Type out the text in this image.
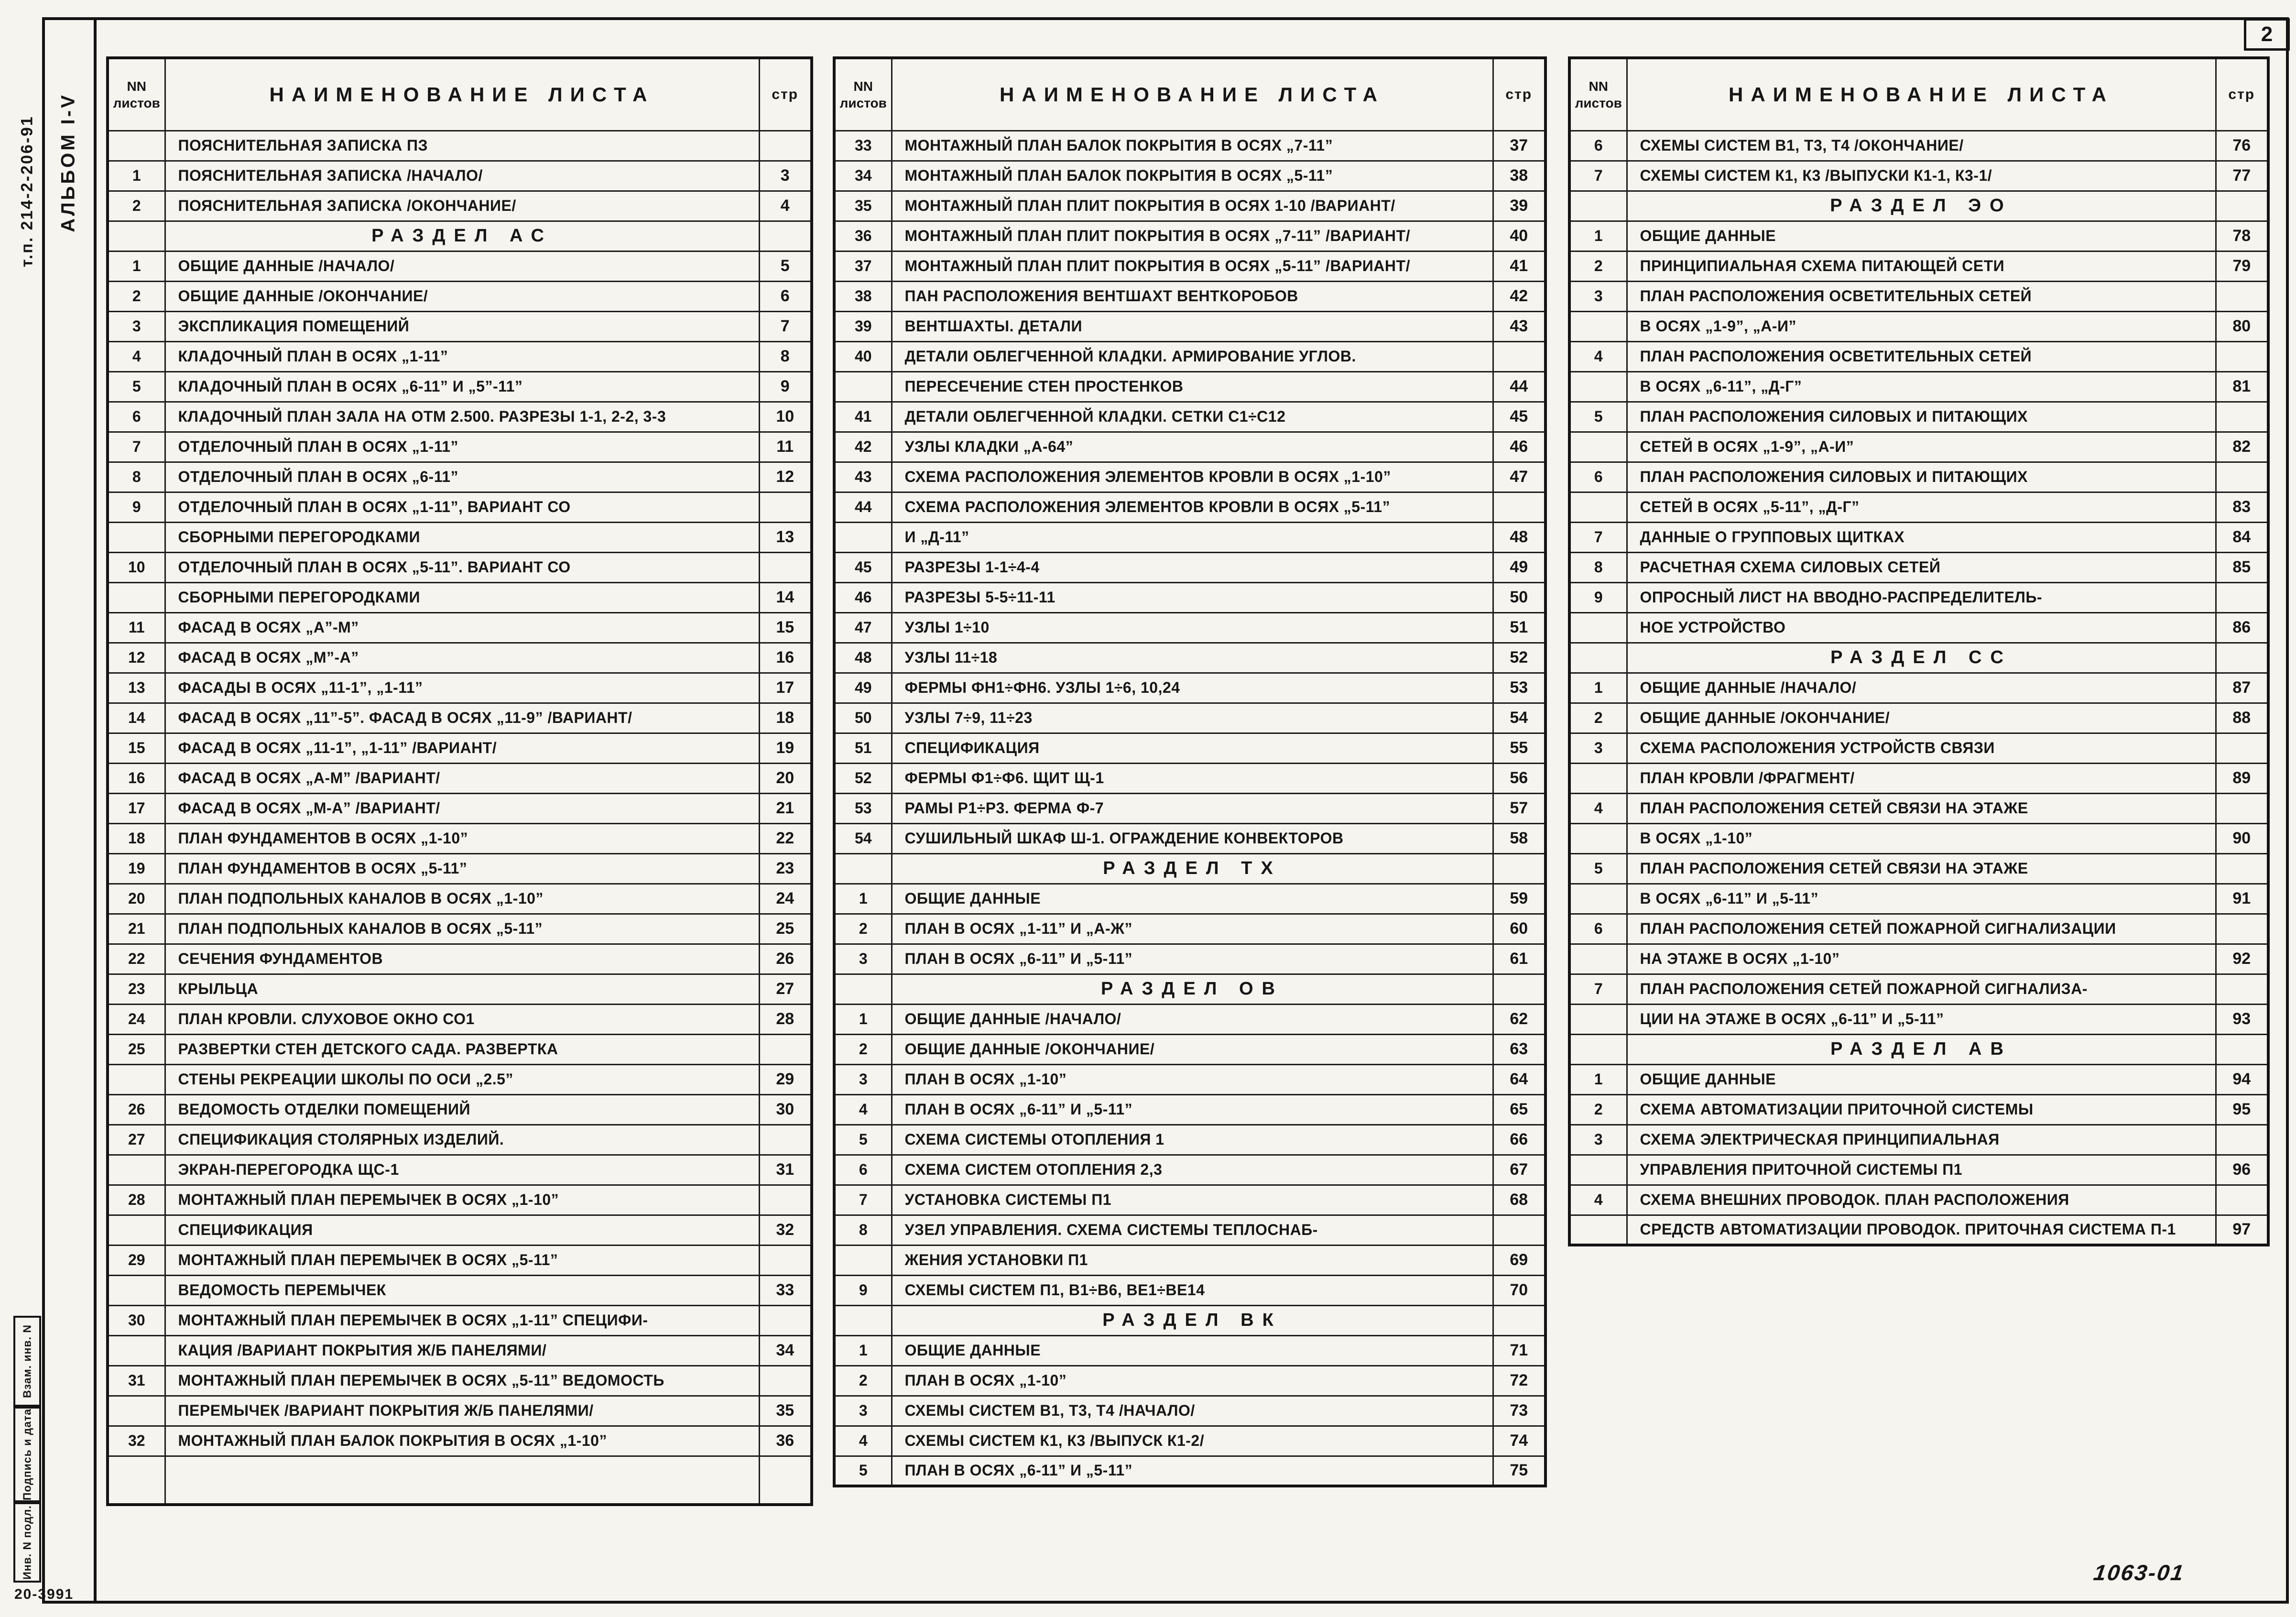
2
АЛЬБОМ I-V
т.п. 214-2-206-91
Взам. инв. N
Подпись и дата
Инв. N подл.
20-3991
1063-01
NN листов	НАИМЕНОВАНИЕ ЛИСТА	стр
	ПОЯСНИТЕЛЬНАЯ ЗАПИСКА ПЗ	
1	ПОЯСНИТЕЛЬНАЯ ЗАПИСКА /НАЧАЛО/	3
2	ПОЯСНИТЕЛЬНАЯ ЗАПИСКА /ОКОНЧАНИЕ/	4
	РАЗДЕЛ АС	
1	ОБЩИЕ ДАННЫЕ /НАЧАЛО/	5
2	ОБЩИЕ ДАННЫЕ /ОКОНЧАНИЕ/	6
3	ЭКСПЛИКАЦИЯ ПОМЕЩЕНИЙ	7
4	КЛАДОЧНЫЙ ПЛАН В ОСЯХ „1-11”	8
5	КЛАДОЧНЫЙ ПЛАН В ОСЯХ „6-11” И „5”-11”	9
6	КЛАДОЧНЫЙ ПЛАН ЗАЛА НА ОТМ 2.500. РАЗРЕЗЫ 1-1, 2-2, 3-3	10
7	ОТДЕЛОЧНЫЙ ПЛАН В ОСЯХ „1-11”	11
8	ОТДЕЛОЧНЫЙ ПЛАН В ОСЯХ „6-11”	12
9	ОТДЕЛОЧНЫЙ ПЛАН В ОСЯХ „1-11”, ВАРИАНТ СО	
	СБОРНЫМИ ПЕРЕГОРОДКАМИ	13
10	ОТДЕЛОЧНЫЙ ПЛАН В ОСЯХ „5-11”. ВАРИАНТ СО	
	СБОРНЫМИ ПЕРЕГОРОДКАМИ	14
11	ФАСАД В ОСЯХ „А”-М”	15
12	ФАСАД В ОСЯХ „М”-А”	16
13	ФАСАДЫ В ОСЯХ „11-1”, „1-11”	17
14	ФАСАД В ОСЯХ „11”-5”. ФАСАД В ОСЯХ „11-9” /ВАРИАНТ/	18
15	ФАСАД В ОСЯХ „11-1”, „1-11” /ВАРИАНТ/	19
16	ФАСАД В ОСЯХ „А-М” /ВАРИАНТ/	20
17	ФАСАД В ОСЯХ „М-А” /ВАРИАНТ/	21
18	ПЛАН ФУНДАМЕНТОВ В ОСЯХ „1-10”	22
19	ПЛАН ФУНДАМЕНТОВ В ОСЯХ „5-11”	23
20	ПЛАН ПОДПОЛЬНЫХ КАНАЛОВ В ОСЯХ „1-10”	24
21	ПЛАН ПОДПОЛЬНЫХ КАНАЛОВ В ОСЯХ „5-11”	25
22	СЕЧЕНИЯ ФУНДАМЕНТОВ	26
23	КРЫЛЬЦА	27
24	ПЛАН КРОВЛИ. СЛУХОВОЕ ОКНО СО1	28
25	РАЗВЕРТКИ СТЕН ДЕТСКОГО САДА. РАЗВЕРТКА	
	СТЕНЫ РЕКРЕАЦИИ ШКОЛЫ ПО ОСИ „2.5”	29
26	ВЕДОМОСТЬ ОТДЕЛКИ ПОМЕЩЕНИЙ	30
27	СПЕЦИФИКАЦИЯ СТОЛЯРНЫХ ИЗДЕЛИЙ.	
	ЭКРАН-ПЕРЕГОРОДКА ЩС-1	31
28	МОНТАЖНЫЙ ПЛАН ПЕРЕМЫЧЕК В ОСЯХ „1-10”	
	СПЕЦИФИКАЦИЯ	32
29	МОНТАЖНЫЙ ПЛАН ПЕРЕМЫЧЕК В ОСЯХ „5-11”	
	ВЕДОМОСТЬ ПЕРЕМЫЧЕК	33
30	МОНТАЖНЫЙ ПЛАН ПЕРЕМЫЧЕК В ОСЯХ „1-11” СПЕЦИФИ-	
	КАЦИЯ /ВАРИАНТ ПОКРЫТИЯ Ж/Б ПАНЕЛЯМИ/	34
31	МОНТАЖНЫЙ ПЛАН ПЕРЕМЫЧЕК В ОСЯХ „5-11” ВЕДОМОСТЬ	
	ПЕРЕМЫЧЕК /ВАРИАНТ ПОКРЫТИЯ Ж/Б ПАНЕЛЯМИ/	35
32	МОНТАЖНЫЙ ПЛАН БАЛОК ПОКРЫТИЯ В ОСЯХ „1-10”	36

NN листов	НАИМЕНОВАНИЕ ЛИСТА	стр
33	МОНТАЖНЫЙ ПЛАН БАЛОК ПОКРЫТИЯ В ОСЯХ „7-11”	37
34	МОНТАЖНЫЙ ПЛАН БАЛОК ПОКРЫТИЯ В ОСЯХ „5-11”	38
35	МОНТАЖНЫЙ ПЛАН ПЛИТ ПОКРЫТИЯ В ОСЯХ 1-10 /ВАРИАНТ/	39
36	МОНТАЖНЫЙ ПЛАН ПЛИТ ПОКРЫТИЯ В ОСЯХ „7-11” /ВАРИАНТ/	40
37	МОНТАЖНЫЙ ПЛАН ПЛИТ ПОКРЫТИЯ В ОСЯХ „5-11” /ВАРИАНТ/	41
38	ПАН РАСПОЛОЖЕНИЯ ВЕНТШАХТ ВЕНТКОРОБОВ	42
39	ВЕНТШАХТЫ. ДЕТАЛИ	43
40	ДЕТАЛИ ОБЛЕГЧЕННОЙ КЛАДКИ. АРМИРОВАНИЕ УГЛОВ.	
	ПЕРЕСЕЧЕНИЕ СТЕН ПРОСТЕНКОВ	44
41	ДЕТАЛИ ОБЛЕГЧЕННОЙ КЛАДКИ. СЕТКИ С1÷С12	45
42	УЗЛЫ КЛАДКИ „А-64”	46
43	СХЕМА РАСПОЛОЖЕНИЯ ЭЛЕМЕНТОВ КРОВЛИ В ОСЯХ „1-10”	47
44	СХЕМА РАСПОЛОЖЕНИЯ ЭЛЕМЕНТОВ КРОВЛИ В ОСЯХ „5-11”	
	И „Д-11”	48
45	РАЗРЕЗЫ 1-1÷4-4	49
46	РАЗРЕЗЫ 5-5÷11-11	50
47	УЗЛЫ 1÷10	51
48	УЗЛЫ 11÷18	52
49	ФЕРМЫ ФН1÷ФН6. УЗЛЫ 1÷6, 10,24	53
50	УЗЛЫ 7÷9, 11÷23	54
51	СПЕЦИФИКАЦИЯ	55
52	ФЕРМЫ Ф1÷Ф6. ЩИТ Щ-1	56
53	РАМЫ Р1÷Р3. ФЕРМА Ф-7	57
54	СУШИЛЬНЫЙ ШКАФ Ш-1. ОГРАЖДЕНИЕ КОНВЕКТОРОВ	58
	РАЗДЕЛ ТХ	
1	ОБЩИЕ ДАННЫЕ	59
2	ПЛАН В ОСЯХ „1-11” И „А-Ж”	60
3	ПЛАН В ОСЯХ „6-11” И „5-11”	61
	РАЗДЕЛ ОВ	
1	ОБЩИЕ ДАННЫЕ /НАЧАЛО/	62
2	ОБЩИЕ ДАННЫЕ /ОКОНЧАНИЕ/	63
3	ПЛАН В ОСЯХ „1-10”	64
4	ПЛАН В ОСЯХ „6-11” И „5-11”	65
5	СХЕМА СИСТЕМЫ ОТОПЛЕНИЯ 1	66
6	СХЕМА СИСТЕМ ОТОПЛЕНИЯ 2,3	67
7	УСТАНОВКА СИСТЕМЫ П1	68
8	УЗЕЛ УПРАВЛЕНИЯ. СХЕМА СИСТЕМЫ ТЕПЛОСНАБ-	
	ЖЕНИЯ УСТАНОВКИ П1	69
9	СХЕМЫ СИСТЕМ П1, В1÷В6, ВЕ1÷ВЕ14	70
	РАЗДЕЛ ВК	
1	ОБЩИЕ ДАННЫЕ	71
2	ПЛАН В ОСЯХ „1-10”	72
3	СХЕМЫ СИСТЕМ В1, Т3, Т4 /НАЧАЛО/	73
4	СХЕМЫ СИСТЕМ К1, К3 /ВЫПУСК К1-2/	74
5	ПЛАН В ОСЯХ „6-11” И „5-11”	75
NN листов	НАИМЕНОВАНИЕ ЛИСТА	стр
6	СХЕМЫ СИСТЕМ В1, Т3, Т4 /ОКОНЧАНИЕ/	76
7	СХЕМЫ СИСТЕМ К1, К3 /ВЫПУСКИ К1-1, К3-1/	77
	РАЗДЕЛ ЭО	
1	ОБЩИЕ ДАННЫЕ	78
2	ПРИНЦИПИАЛЬНАЯ СХЕМА ПИТАЮЩЕЙ СЕТИ	79
3	ПЛАН РАСПОЛОЖЕНИЯ ОСВЕТИТЕЛЬНЫХ СЕТЕЙ	
	В ОСЯХ „1-9”, „А-И”	80
4	ПЛАН РАСПОЛОЖЕНИЯ ОСВЕТИТЕЛЬНЫХ СЕТЕЙ	
	В ОСЯХ „6-11”, „Д-Г”	81
5	ПЛАН РАСПОЛОЖЕНИЯ СИЛОВЫХ И ПИТАЮЩИХ	
	СЕТЕЙ В ОСЯХ „1-9”, „А-И”	82
6	ПЛАН РАСПОЛОЖЕНИЯ СИЛОВЫХ И ПИТАЮЩИХ	
	СЕТЕЙ В ОСЯХ „5-11”, „Д-Г”	83
7	ДАННЫЕ О ГРУППОВЫХ ЩИТКАХ	84
8	РАСЧЕТНАЯ СХЕМА СИЛОВЫХ СЕТЕЙ	85
9	ОПРОСНЫЙ ЛИСТ НА ВВОДНО-РАСПРЕДЕЛИТЕЛЬ-	
	НОЕ УСТРОЙСТВО	86
	РАЗДЕЛ СС	
1	ОБЩИЕ ДАННЫЕ /НАЧАЛО/	87
2	ОБЩИЕ ДАННЫЕ /ОКОНЧАНИЕ/	88
3	СХЕМА РАСПОЛОЖЕНИЯ УСТРОЙСТВ СВЯЗИ	
	ПЛАН КРОВЛИ /ФРАГМЕНТ/	89
4	ПЛАН РАСПОЛОЖЕНИЯ СЕТЕЙ СВЯЗИ НА ЭТАЖЕ	
	В ОСЯХ „1-10”	90
5	ПЛАН РАСПОЛОЖЕНИЯ СЕТЕЙ СВЯЗИ НА ЭТАЖЕ	
	В ОСЯХ „6-11” И „5-11”	91
6	ПЛАН РАСПОЛОЖЕНИЯ СЕТЕЙ ПОЖАРНОЙ СИГНАЛИЗАЦИИ	
	НА ЭТАЖЕ В ОСЯХ „1-10”	92
7	ПЛАН РАСПОЛОЖЕНИЯ СЕТЕЙ ПОЖАРНОЙ СИГНАЛИЗА-	
	ЦИИ НА ЭТАЖЕ В ОСЯХ „6-11” И „5-11”	93
	РАЗДЕЛ АВ	
1	ОБЩИЕ ДАННЫЕ	94
2	СХЕМА АВТОМАТИЗАЦИИ ПРИТОЧНОЙ СИСТЕМЫ	95
3	СХЕМА ЭЛЕКТРИЧЕСКАЯ ПРИНЦИПИАЛЬНАЯ	
	УПРАВЛЕНИЯ ПРИТОЧНОЙ СИСТЕМЫ П1	96
4	СХЕМА ВНЕШНИХ ПРОВОДОК. ПЛАН РАСПОЛОЖЕНИЯ	
	СРЕДСТВ АВТОМАТИЗАЦИИ ПРОВОДОК. ПРИТОЧНАЯ СИСТЕМА П-1	97
